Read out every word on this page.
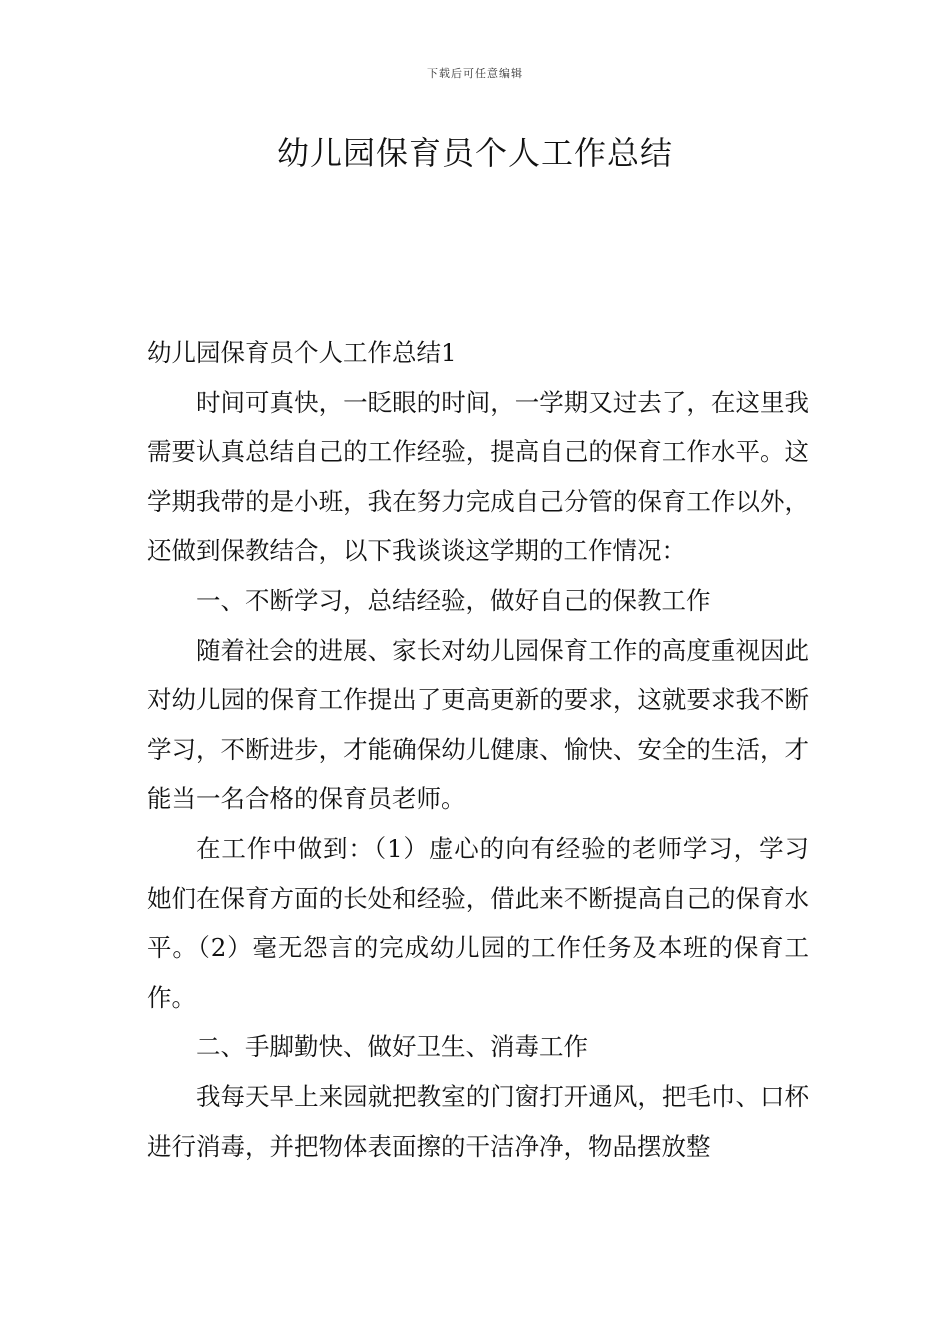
下载后可任意编辑
幼儿园保育员个人工作总结

幼儿园保育员个人工作总结1

时间可真快，一眨眼的时间，一学期又过去了，在这里我需要认真总结自己的工作经验，提高自己的保育工作水平。这学期我带的是小班，我在努力完成自己分管的保育工作以外，还做到保教结合，以下我谈谈这学期的工作情况：

一、不断学习，总结经验，做好自己的保教工作

随着社会的进展、家长对幼儿园保育工作的高度重视因此对幼儿园的保育工作提出了更高更新的要求，这就要求我不断学习，不断进步，才能确保幼儿健康、愉快、安全的生活，才能当一名合格的保育员老师。

在工作中做到：（1）虚心的向有经验的老师学习，学习她们在保育方面的长处和经验，借此来不断提高自己的保育水平。（2）毫无怨言的完成幼儿园的工作任务及本班的保育工作。

二、手脚勤快、做好卫生、消毒工作

我每天早上来园就把教室的门窗打开通风，把毛巾、口杯进行消毒，并把物体表面擦的干洁净净，物品摆放整
